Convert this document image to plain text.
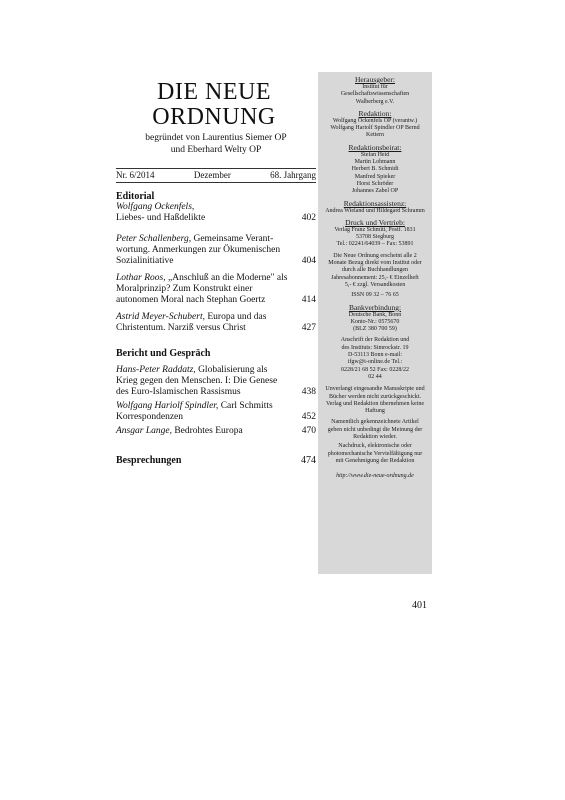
DIE NEUE
ORDNUNG
begründet von Laurentius Siemer OP
und Eberhard Welty OP
Nr. 6/2014	Dezember	68. Jahrgang
Editorial
Wolfgang Ockenfels,
Liebes- und Haßdelikte	402
Peter Schallenberg, Gemeinsame Verant-wortung. Anmerkungen zur Ökumenischen Sozialinitiative	404
Lothar Roos, „Anschluß an die Moderne" als Moralprinzip? Zum Konstrukt einer autonomen Moral nach Stephan Goertz	414
Astrid Meyer-Schubert, Europa und das Christentum. Narziß versus Christ	427
Bericht und Gespräch
Hans-Peter Raddatz, Globalisierung als Krieg gegen den Menschen. I: Die Genese des Euro-Islamischen Rassismus	438
Wolfgang Hariolf Spindler, Carl Schmitts Korrespondenzen	452
Ansgar Lange, Bedrohtes Europa	470
Besprechungen	474
Herausgeber:
Institut für Gesellschaftswissenschaften Walberberg e.V.
Redaktion:
Wolfgang Ockenfels OP (verantw.) Wolfgang Hariolf Spindler OP Bernd Kettern
Redaktionsbeirat:
Stefan Heid
Martin Lohmann
Herbert B. Schmidt
Manfred Spieker
Horst Schröder
Johannes Zabel OP
Redaktionsassistenz:
Andrea Wieland und Hildegard Schramm
Druck und Vertrieb:
Verlag Franz Schmitt, Postf. 1831
53708 Siegburg
Tel.: 02241/64039 – Fax: 53891
Die Neue Ordnung erscheint alle 2 Monate Bezug direkt vom Institut oder durch alle Buchhandlungen Jahresabonnement: 25,- € Einzelheft 5,- € zzgl. Versandkosten
ISSN 09 32 – 76 65
Bankverbindung:
Deutsche Bank, Bonn
Konto-Nr.: 0575670
(BLZ 380 700 59)
Anschrift der Redaktion und des Instituts: Simrockstr. 19 D-53113 Bonn e-mail: ifgw@t-online.de Tel.: 0228/21 68 52 Fax: 0228/22 02 44
Unverlangt eingesandte Manuskripte und Bücher werden nicht zurückgeschickt. Verlag und Redaktion übernehmen keine Haftung
Namentlich gekennzeichnete Artikel geben nicht unbedingt die Meinung der Redaktion wieder.
Nachdruck, elektronische oder photomechanische Vervielfältigung nur mit Genehmigung der Redaktion
http://www.die-neue-ordnung.de
401
